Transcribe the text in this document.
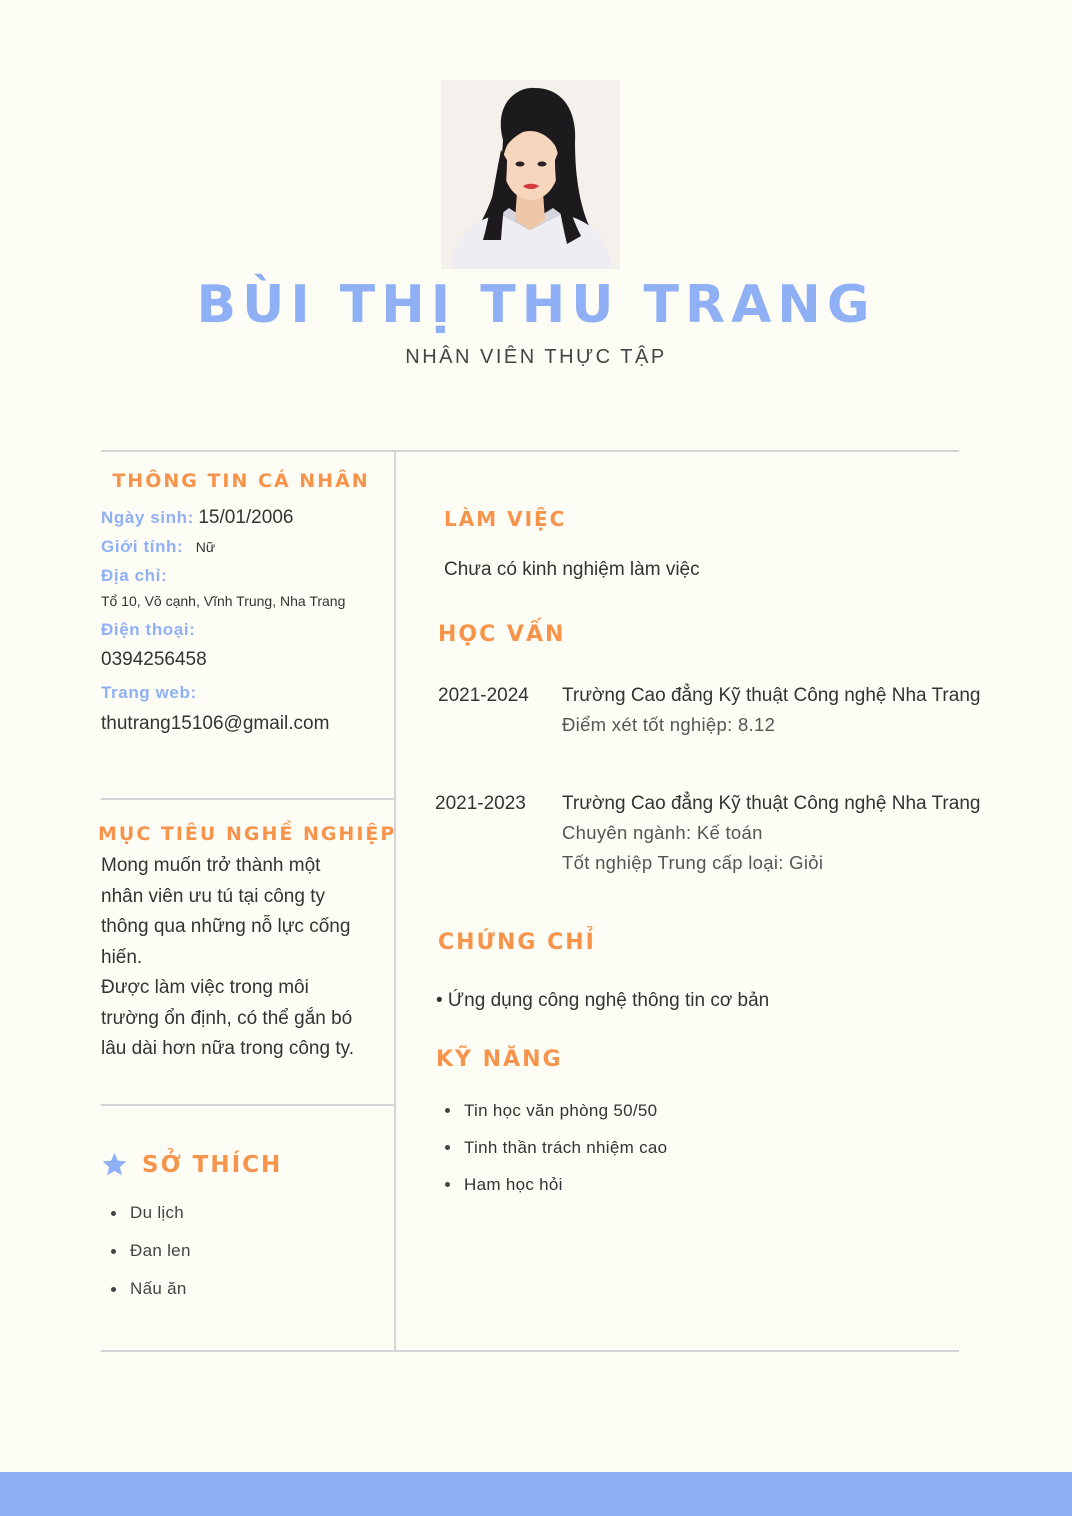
BÙI THỊ THU TRANG
NHÂN VIÊN THỰC TẬP
THÔNG TIN CÁ NHÂN
Ngày sinh: 15/01/2006
Giới tính: Nữ
Địa chỉ:
Tổ 10, Võ cạnh, Vĩnh Trung, Nha Trang
Điện thoại:
0394256458
Trang web:
thutrang15106@gmail.com
MỤC TIÊU NGHỀ NGHIỆP
Mong muốn trở thành một
nhân viên ưu tú tại công ty
thông qua những nỗ lực cống
hiến.
Được làm việc trong môi
trường ổn định, có thể gắn bó
lâu dài hơn nữa trong công ty.
SỞ THÍCH
Du lịch
Đan len
Nấu ăn
LÀM VIỆC
Chưa có kinh nghiệm làm việc
HỌC VẤN
2021-2024 Trường Cao đẳng Kỹ thuật Công nghệ Nha Trang
Điểm xét tốt nghiệp: 8.12
2021-2023 Trường Cao đẳng Kỹ thuật Công nghệ Nha Trang
Chuyên ngành: Kế toán
Tốt nghiệp Trung cấp loại: Giỏi
CHỨNG CHỈ
• Ứng dụng công nghệ thông tin cơ bản
KỸ NĂNG
Tin học văn phòng 50/50
Tinh thần trách nhiệm cao
Ham học hỏi
